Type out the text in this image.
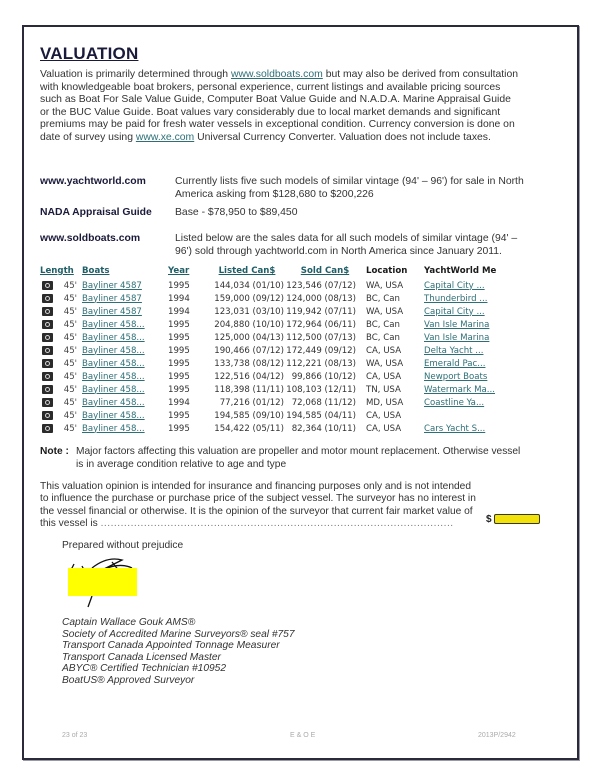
VALUATION
Valuation is primarily determined through www.soldboats.com but may also be derived from consultation with knowledgeable boat brokers, personal experience, current listings and available pricing sources such as Boat For Sale Value Guide, Computer Boat Value Guide and N.A.D.A. Marine Appraisal Guide or the BUC Value Guide. Boat values vary considerably due to local market demands and significant premiums may be paid for fresh water vessels in exceptional condition. Currency conversion is done on date of survey using www.xe.com Universal Currency Converter. Valuation does not include taxes.
www.yachtworld.com	Currently lists five such models of similar vintage (94' – 96') for sale in North America asking from $128,680 to $200,226
NADA Appraisal Guide	Base - $78,950 to $89,450
www.soldboats.com	Listed below are the sales data for all such models of similar vintage (94' – 96') sold through yachtworld.com in North America since January 2011.
Length	Boats	Year	Listed Can$	Sold Can$	Location	YachtWorld Me
45'	Bayliner 4587	1995	144,034 (01/10)	123,546 (07/12)	WA, USA	Capital City ...
45'	Bayliner 4587	1994	159,000 (09/12)	124,000 (08/13)	BC, Can	Thunderbird ...
45'	Bayliner 4587	1994	123,031 (03/10)	119,942 (07/11)	WA, USA	Capital City ...
45'	Bayliner 458...	1995	204,880 (10/10)	172,964 (06/11)	BC, Can	Van Isle Marina
45'	Bayliner 458...	1995	125,000 (04/13)	112,500 (07/13)	BC, Can	Van Isle Marina
45'	Bayliner 458...	1995	190,466 (07/12)	172,449 (09/12)	CA, USA	Delta Yacht ...
45'	Bayliner 458...	1995	133,738 (08/12)	112,221 (08/13)	WA, USA	Emerald Pac...
45'	Bayliner 458...	1995	122,516 (04/12)	99,866 (10/12)	CA, USA	Newport Boats
45'	Bayliner 458...	1995	118,398 (11/11)	108,103 (12/11)	TN, USA	Watermark Ma...
45'	Bayliner 458...	1994	77,216 (01/12)	72,068 (11/12)	MD, USA	Coastline Ya...
45'	Bayliner 458...	1995	194,585 (09/10)	194,585 (04/11)	CA, USA	
45'	Bayliner 458...	1995	154,422 (05/11)	82,364 (10/11)	CA, USA	Cars Yacht S...
Note : Major factors affecting this valuation are propeller and motor mount replacement. Otherwise vessel is in average condition relative to age and type
This valuation opinion is intended for insurance and financing purposes only and is not intended to influence the purchase or purchase price of the subject vessel. The surveyor has no interest in the vessel financial or otherwise. It is the opinion of the surveyor that current fair market value of this vessel is ..........................................................................................................	$
Prepared without prejudice
Captain Wallace Gouk AMS®
Society of Accredited Marine Surveyors® seal #757
Transport Canada Appointed Tonnage Measurer
Transport Canada Licensed Master
ABYC® Certified Technician #10952
BoatUS® Approved Surveyor
23 of 23	E & O E	2013P/2942
